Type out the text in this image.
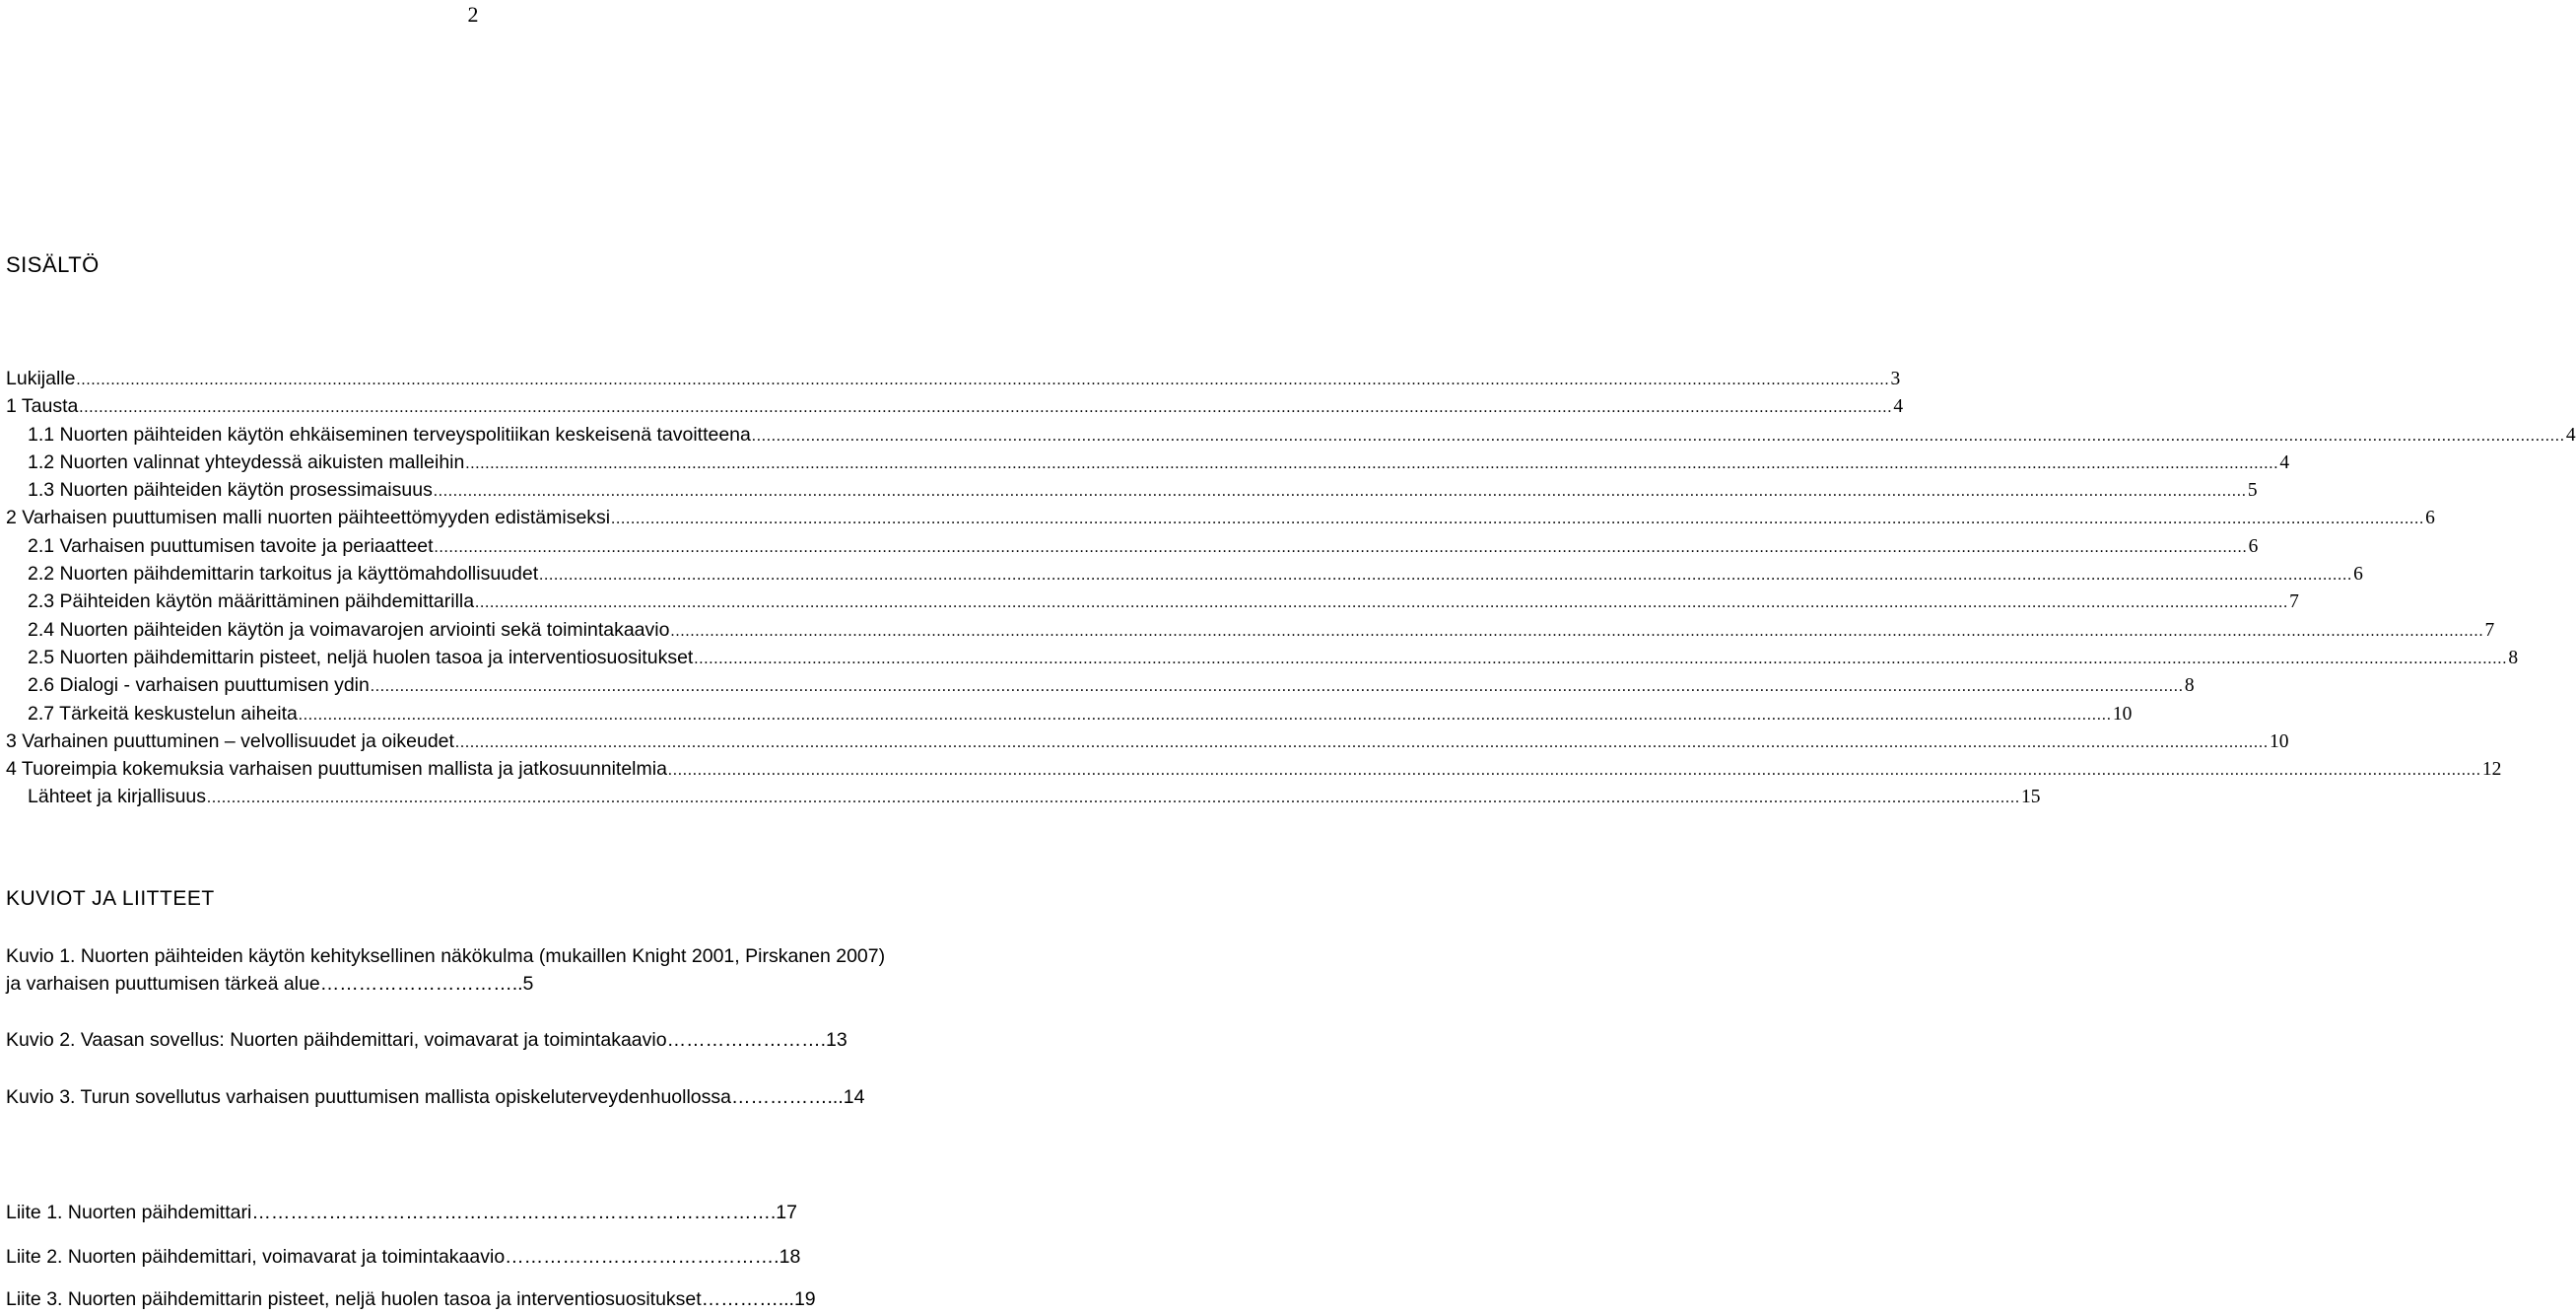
2
SISÄLTÖ
Lukijalle .....	3
1 Tausta .....	4
1.1 Nuorten päihteiden käytön ehkäiseminen terveyspolitiikan keskeisenä tavoitteena .....	4
1.2 Nuorten valinnat yhteydessä aikuisten malleihin .....	4
1.3 Nuorten päihteiden käytön prosessimaisuus .....	5
2 Varhaisen puuttumisen malli nuorten päihteettömyyden edistämiseksi .....	6
2.1 Varhaisen puuttumisen tavoite ja periaatteet .....	6
2.2 Nuorten päihdemittarin tarkoitus ja käyttömahdollisuudet .....	6
2.3 Päihteiden käytön määrittäminen päihdemittarilla .....	7
2.4 Nuorten päihteiden käytön ja voimavarojen arviointi sekä toimintakaavio .....	7
2.5 Nuorten päihdemittarin pisteet, neljä huolen tasoa ja interventiosuositukset .....	8
2.6 Dialogi - varhaisen puuttumisen ydin .....	8
2.7 Tärkeitä keskustelun aiheita .....	10
3 Varhainen puuttuminen – velvollisuudet ja oikeudet .....	10
4 Tuoreimpia kokemuksia varhaisen puuttumisen mallista ja jatkosuunnitelmia .....	12
Lähteet ja kirjallisuus .....	15
KUVIOT JA LIITTEET
Kuvio 1. Nuorten päihteiden käytön kehityksellinen näkökulma (mukaillen Knight 2001, Pirskanen 2007)
ja varhaisen puuttumisen tärkeä alue ………………………….. 5
Kuvio 2. Vaasan sovellus: Nuorten päihdemittari, voimavarat ja toimintakaavio ……………………. 13
Kuvio 3. Turun sovellutus varhaisen puuttumisen mallista opiskeluterveydenhuollossa ……………... 14
Liite 1. Nuorten päihdemittari ………………………………………………………………………. 17
Liite 2. Nuorten päihdemittari, voimavarat ja toimintakaavio ……………………………………. 18
Liite 3. Nuorten päihdemittarin pisteet, neljä huolen tasoa ja interventiosuositukset …………... 19
